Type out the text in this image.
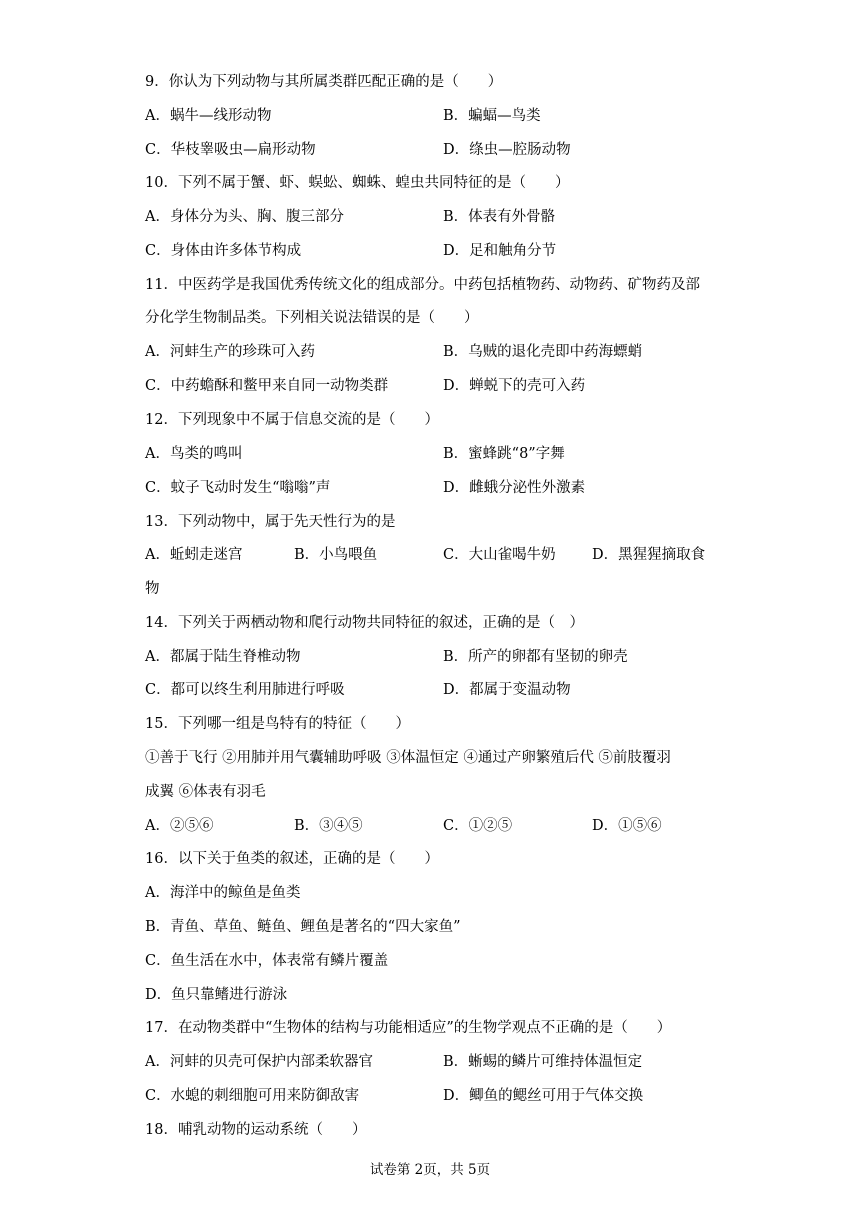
9．你认为下列动物与其所属类群匹配正确的是（　　）
A．蜗牛—线形动物	B．蝙蝠—鸟类
C．华枝睾吸虫—扁形动物	D．绦虫—腔肠动物
10．下列不属于蟹、虾、蜈蚣、蜘蛛、蝗虫共同特征的是（　　）
A．身体分为头、胸、腹三部分	B．体表有外骨骼
C．身体由许多体节构成	D．足和触角分节
11．中医药学是我国优秀传统文化的组成部分。中药包括植物药、动物药、矿物药及部
分化学生物制品类。下列相关说法错误的是（　　）
A．河蚌生产的珍珠可入药	B．乌贼的退化壳即中药海螵蛸
C．中药蟾酥和鳖甲来自同一动物类群	D．蝉蜕下的壳可入药
12．下列现象中不属于信息交流的是（　　）
A．鸟类的鸣叫	B．蜜蜂跳“8”字舞
C．蚊子飞动时发生“嗡嗡”声	D．雌蛾分泌性外激素
13．下列动物中，属于先天性行为的是
A．蚯蚓走迷宫	B．小鸟喂鱼	C．大山雀喝牛奶	D．黑猩猩摘取食
物
14．下列关于两栖动物和爬行动物共同特征的叙述，正确的是（　）
A．都属于陆生脊椎动物	B．所产的卵都有坚韧的卵壳
C．都可以终生利用肺进行呼吸	D．都属于变温动物
15．下列哪一组是鸟特有的特征（　　）
①善于飞行 ②用肺并用气囊辅助呼吸 ③体温恒定 ④通过产卵繁殖后代 ⑤前肢覆羽
成翼 ⑥体表有羽毛
A．②⑤⑥	B．③④⑤	C．①②⑤	D．①⑤⑥
16．以下关于鱼类的叙述，正确的是（　　）
A．海洋中的鲸鱼是鱼类
B．青鱼、草鱼、鲢鱼、鲤鱼是著名的“四大家鱼”
C．鱼生活在水中，体表常有鳞片覆盖
D．鱼只靠鳍进行游泳
17．在动物类群中“生物体的结构与功能相适应”的生物学观点不正确的是（　　）
A．河蚌的贝壳可保护内部柔软器官	B．蜥蜴的鳞片可维持体温恒定
C．水螅的刺细胞可用来防御敌害	D．鲫鱼的鳃丝可用于气体交换
18．哺乳动物的运动系统（　　）
试卷第 2页，共 5页
